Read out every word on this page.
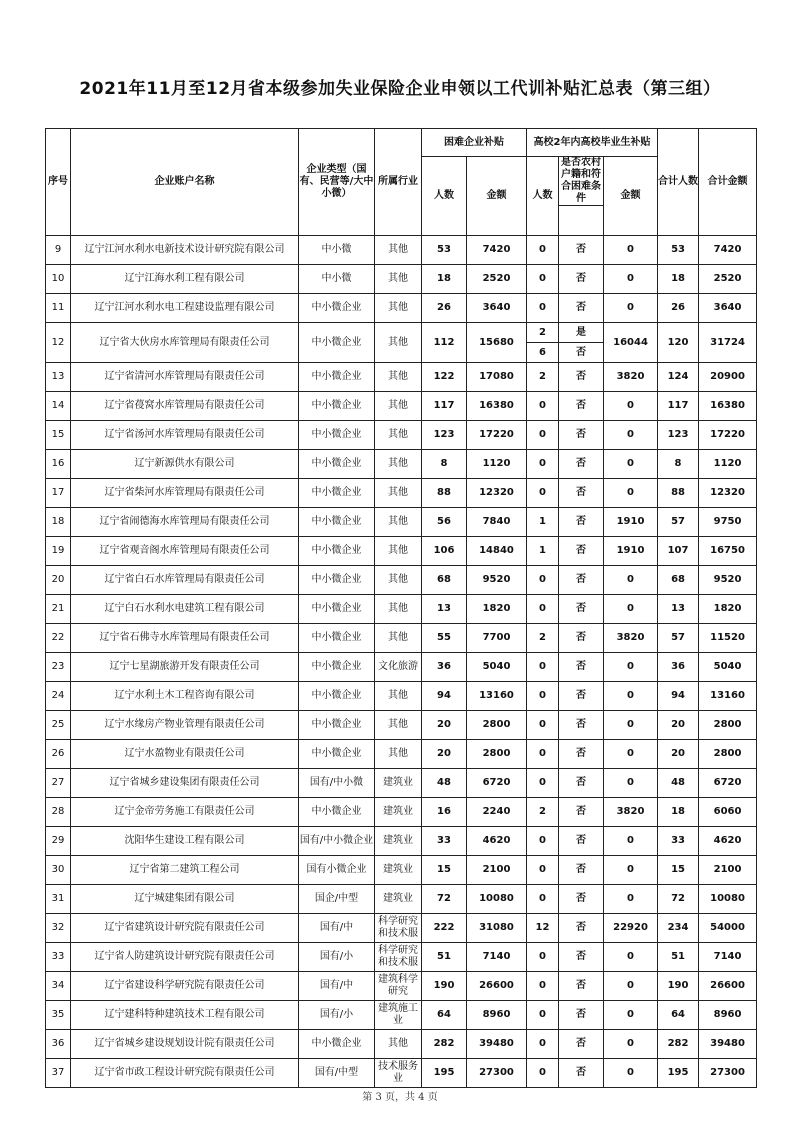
2021年11月至12月省本级参加失业保险企业申领以工代训补贴汇总表（第三组）
序号	企业账户名称	企业类型（国有、民营等/大中小微）	所属行业	困难企业补贴		高校2年内高校毕业生补贴			合计人数	合计金额
				人数	金额	人数	是否农村户籍和符合困难条件	金额		

9	辽宁江河水利水电新技术设计研究院有限公司	中小微	其他	53	7420	0	否	0	53	7420
10	辽宁江海水利工程有限公司	中小微	其他	18	2520	0	否	0	18	2520
11	辽宁江河水利水电工程建设监理有限公司	中小微企业	其他	26	3640	0	否	0	26	3640
12	辽宁省大伙房水库管理局有限责任公司	中小微企业	其他	112	15680	2	是	16044	120	31724
						6	否			
13	辽宁省清河水库管理局有限责任公司	中小微企业	其他	122	17080	2	否	3820	124	20900
14	辽宁省葠窝水库管理局有限责任公司	中小微企业	其他	117	16380	0	否	0	117	16380
15	辽宁省汤河水库管理局有限责任公司	中小微企业	其他	123	17220	0	否	0	123	17220
16	辽宁新源供水有限公司	中小微企业	其他	8	1120	0	否	0	8	1120
17	辽宁省柴河水库管理局有限责任公司	中小微企业	其他	88	12320	0	否	0	88	12320
18	辽宁省闹德海水库管理局有限责任公司	中小微企业	其他	56	7840	1	否	1910	57	9750
19	辽宁省观音阁水库管理局有限责任公司	中小微企业	其他	106	14840	1	否	1910	107	16750
20	辽宁省白石水库管理局有限责任公司	中小微企业	其他	68	9520	0	否	0	68	9520
21	辽宁白石水利水电建筑工程有限公司	中小微企业	其他	13	1820	0	否	0	13	1820
22	辽宁省石佛寺水库管理局有限责任公司	中小微企业	其他	55	7700	2	否	3820	57	11520
23	辽宁七星湖旅游开发有限责任公司	中小微企业	文化旅游	36	5040	0	否	0	36	5040
24	辽宁水利土木工程咨询有限公司	中小微企业	其他	94	13160	0	否	0	94	13160
25	辽宁水缘房产物业管理有限责任公司	中小微企业	其他	20	2800	0	否	0	20	2800
26	辽宁水盈物业有限责任公司	中小微企业	其他	20	2800	0	否	0	20	2800
27	辽宁省城乡建设集团有限责任公司	国有/中小微	建筑业	48	6720	0	否	0	48	6720
28	辽宁金帝劳务施工有限责任公司	中小微企业	建筑业	16	2240	2	否	3820	18	6060
29	沈阳华生建设工程有限公司	国有/中小微企业	建筑业	33	4620	0	否	0	33	4620
30	辽宁省第二建筑工程公司	国有小微企业	建筑业	15	2100	0	否	0	15	2100
31	辽宁城建集团有限公司	国企/中型	建筑业	72	10080	0	否	0	72	10080
32	辽宁省建筑设计研究院有限责任公司	国有/中	科学研究和技术服	222	31080	12	否	22920	234	54000
33	辽宁省人防建筑设计研究院有限责任公司	国有/小	科学研究和技术服	51	7140	0	否	0	51	7140
34	辽宁省建设科学研究院有限责任公司	国有/中	建筑科学研究	190	26600	0	否	0	190	26600
35	辽宁建科特种建筑技术工程有限公司	国有/小	建筑施工业	64	8960	0	否	0	64	8960
36	辽宁省城乡建设规划设计院有限责任公司	中小微企业	其他	282	39480	0	否	0	282	39480
37	辽宁省市政工程设计研究院有限责任公司	国有/中型	技术服务业	195	27300	0	否	0	195	27300
第 3 页，共 4 页
